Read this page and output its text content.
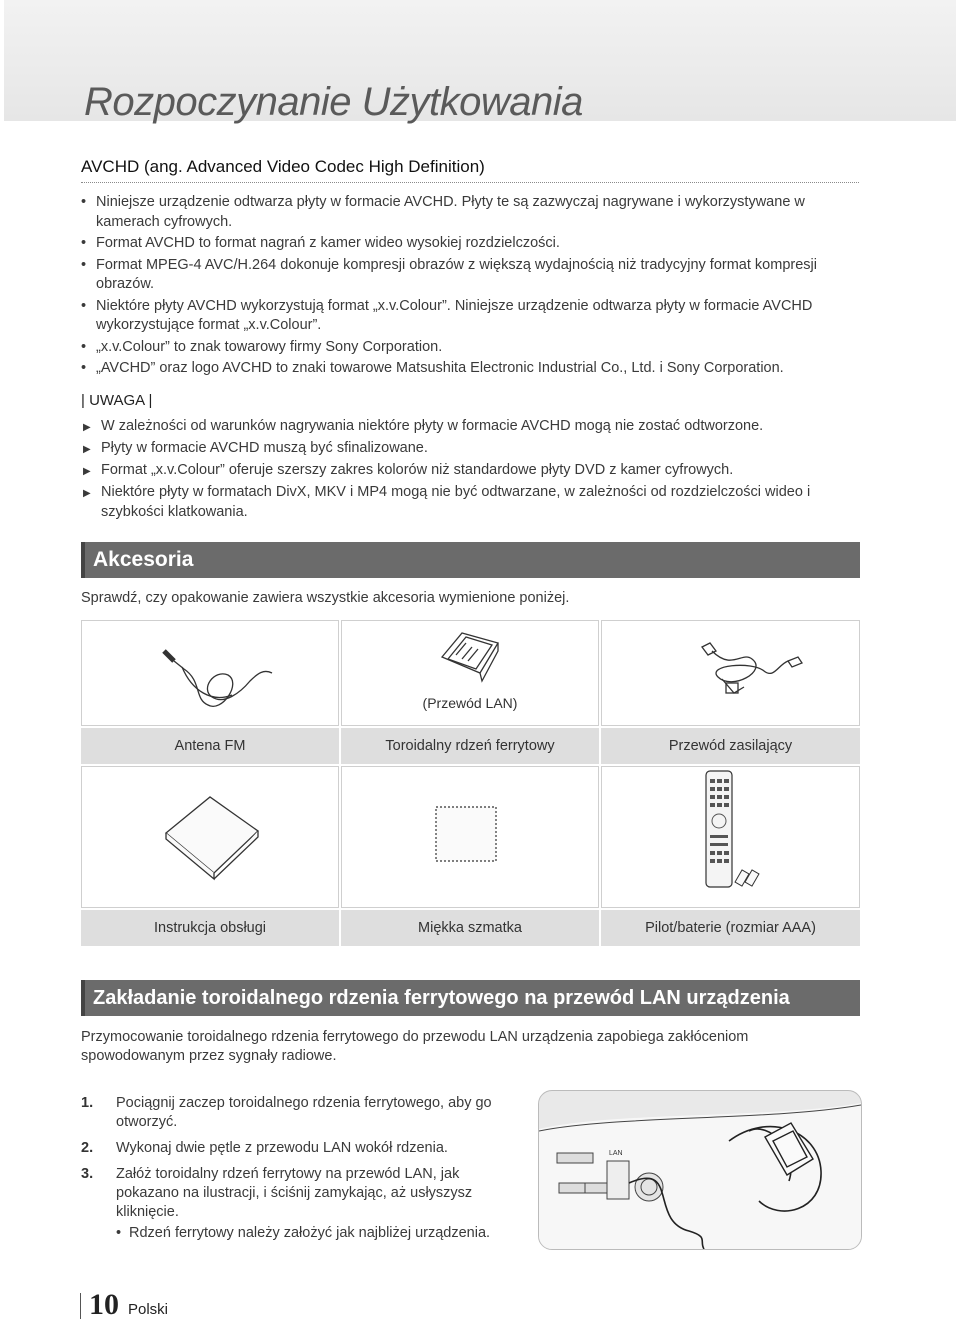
Rozpoczynanie Użytkowania
AVCHD (ang. Advanced Video Codec High Definition)
• Niniejsze urządzenie odtwarza płyty w formacie AVCHD. Płyty te są zazwyczaj nagrywane i wykorzystywane w kamerach cyfrowych.
• Format AVCHD to format nagrań z kamer wideo wysokiej rozdzielczości.
• Format MPEG-4 AVC/H.264 dokonuje kompresji obrazów z większą wydajnością niż tradycyjny format kompresji obrazów.
• Niektóre płyty AVCHD wykorzystują format „x.v.Colour”. Niniejsze urządzenie odtwarza płyty w formacie AVCHD wykorzystujące format „x.v.Colour”.
• „x.v.Colour” to znak towarowy firmy Sony Corporation.
• „AVCHD” oraz logo AVCHD to znaki towarowe Matsushita Electronic Industrial Co., Ltd. i Sony Corporation.
| UWAGA |
▶ W zależności od warunków nagrywania niektóre płyty w formacie AVCHD mogą nie zostać odtworzone.
▶ Płyty w formacie AVCHD muszą być sfinalizowane.
▶ Format „x.v.Colour” oferuje szerszy zakres kolorów niż standardowe płyty DVD z kamer cyfrowych.
▶ Niektóre płyty w formatach DivX, MKV i MP4 mogą nie być odtwarzane, w zależności od rozdzielczości wideo i szybkości klatkowania.
Akcesoria
Sprawdź, czy opakowanie zawiera wszystkie akcesoria wymienione poniżej.
(Przewód LAN)
Antena FM	Toroidalny rdzeń ferrytowy	Przewód zasilający
Instrukcja obsługi	Miękka szmatka	Pilot/baterie (rozmiar AAA)
Zakładanie toroidalnego rdzenia ferrytowego na przewód LAN urządzenia
Przymocowanie toroidalnego rdzenia ferrytowego do przewodu LAN urządzenia zapobiega zakłóceniom spowodowanym przez sygnały radiowe.
1. Pociągnij zaczep toroidalnego rdzenia ferrytowego, aby go otworzyć.
2. Wykonaj dwie pętle z przewodu LAN wokół rdzenia.
3. Załóż toroidalny rdzeń ferrytowy na przewód LAN, jak pokazano na ilustracji, i ściśnij zamykając, aż usłyszysz kliknięcie.
• Rdzeń ferrytowy należy założyć jak najbliżej urządzenia.
LAN
10 Polski
